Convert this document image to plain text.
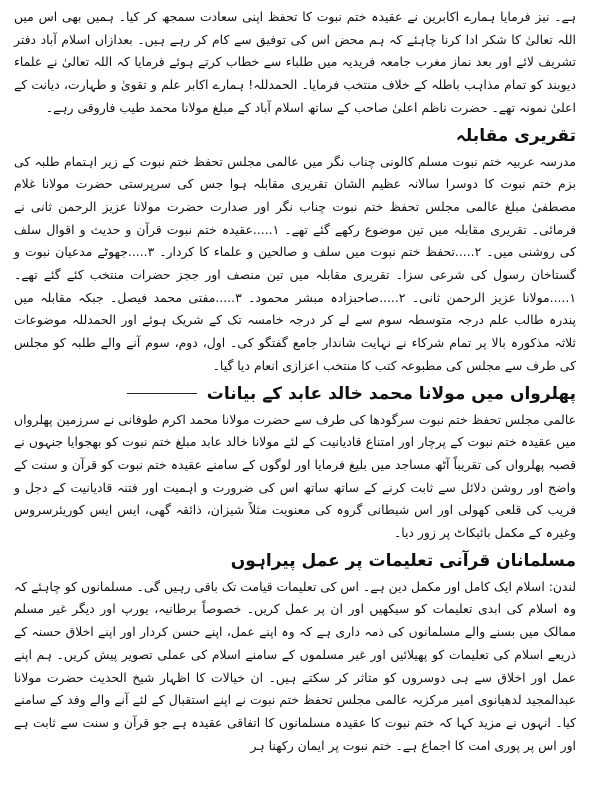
ہے۔ نیز فرمایا ہمارے اکابرین نے عقیدہ ختم نبوت کا تحفظ اپنی سعادت سمجھ کر کیا۔ ہمیں بھی اس میں اللہ تعالیٰ کا شکر ادا کرنا چاہئے کہ ہم محض اس کی توفیق سے کام کر رہے ہیں۔ بعدازاں اسلام آباد دفتر تشریف لائے اور بعد نماز مغرب جامعہ فریدیہ میں طلباء سے خطاب کرتے ہوئے فرمایا کہ اللہ تعالیٰ نے علماء دیوبند کو تمام مذاہب باطلہ کے خلاف منتخب فرمایا۔ الحمدللہ! ہمارے اکابر علم و تقویٰ و طہارت، دیانت کے اعلیٰ نمونہ تھے۔ حضرت ناظم اعلیٰ صاحب کے ساتھ اسلام آباد کے مبلغ مولانا محمد طیب فاروقی رہے۔

تقریری مقابلہ

مدرسہ عربیہ ختم نبوت مسلم کالونی چناب نگر میں عالمی مجلس تحفظ ختم نبوت کے زیر اہتمام طلبہ کی بزم ختم نبوت کا دوسرا سالانہ عظیم الشان تقریری مقابلہ ہوا جس کی سرپرستی حضرت مولانا غلام مصطفیٰ مبلغ عالمی مجلس تحفظ ختم نبوت چناب نگر اور صدارت حضرت مولانا عزیز الرحمن ثانی نے فرمائی۔ تقریری مقابلہ میں تین موضوع رکھے گئے تھے۔ ١.....عقیدہ ختم نبوت قرآن و حدیث و اقوال سلف کی روشنی میں۔ ٢.....تحفظ ختم نبوت میں سلف و صالحین و علماء کا کردار۔ ٣.....جھوٹے مدعیان نبوت و گستاخان رسول کی شرعی سزا۔ تقریری مقابلہ میں تین منصف اور ججز حضرات منتخب کئے گئے تھے۔ ١.....مولانا عزیز الرحمن ثانی۔ ٢.....صاحبزادہ مبشر محمود۔ ٣.....مفتی محمد فیصل۔ جبکہ مقابلہ میں پندرہ طالب علم درجہ متوسطہ سوم سے لے کر درجہ خامسہ تک کے شریک ہوئے اور الحمدللہ موضوعات ثلاثہ مذکورہ بالا پر تمام شرکاء نے نہایت شاندار جامع گفتگو کی۔ اول، دوم، سوم آنے والے طلبہ کو مجلس کی طرف سے مجلس کی مطبوعہ کتب کا منتخب اعزازی انعام دیا گیا۔

پھلرواں میں مولانا محمد خالد عابد کے بیانات

عالمی مجلس تحفظ ختم نبوت سرگودھا کی طرف سے حضرت مولانا محمد اکرم طوفانی نے سرزمین پھلرواں میں عقیدہ ختم نبوت کے پرچار اور امتناع قادیانیت کے لئے مولانا خالد عابد مبلغ ختم نبوت کو بھجوایا جنہوں نے قصبہ پھلرواں کی تقریباً آٹھ مساجد میں بلیغ فرمایا اور لوگوں کے سامنے عقیدہ ختم نبوت کو قرآن و سنت کے واضح اور روشن دلائل سے ثابت کرنے کے ساتھ ساتھ اس کی ضرورت و اہمیت اور فتنہ قادیانیت کے دجل و فریب کی قلعی کھولی اور اس شیطانی گروہ کی معنویت مثلاً شیزان، ذائقہ گھی، ایس ایس کوریئرسروس وغیرہ کے مکمل بائیکاٹ پر زور دیا۔

مسلمانان قرآنی تعلیمات پر عمل پیراہوں

لندن: اسلام ایک کامل اور مکمل دین ہے۔ اس کی تعلیمات قیامت تک باقی رہیں گی۔ مسلمانوں کو چاہئے کہ وہ اسلام کی ابدی تعلیمات کو سیکھیں اور ان پر عمل کریں۔ خصوصاً برطانیہ، یورپ اور دیگر غیر مسلم ممالک میں بسنے والے مسلمانوں کی ذمہ داری ہے کہ وہ اپنے عمل، اپنے حسن کردار اور اپنے اخلاق حسنہ کے ذریعے اسلام کی تعلیمات کو پھیلائیں اور غیر مسلموں کے سامنے اسلام کی عملی تصویر پیش کریں۔ ہم اپنے عمل اور اخلاق سے ہی دوسروں کو متاثر کر سکتے ہیں۔ ان خیالات کا اظہار شیخ الحدیث حضرت مولانا عبدالمجید لدھیانوی امیر مرکزیہ عالمی مجلس تحفظ ختم نبوت نے اپنے استقبال کے لئے آنے والے وفد کے سامنے کیا۔ انہوں نے مزید کہا کہ ختم نبوت کا عقیدہ مسلمانوں کا اتفاقی عقیدہ ہے جو قرآن و سنت سے ثابت ہے اور اس پر پوری امت کا اجماع ہے۔ ختم نبوت پر ایمان رکھنا ہر
